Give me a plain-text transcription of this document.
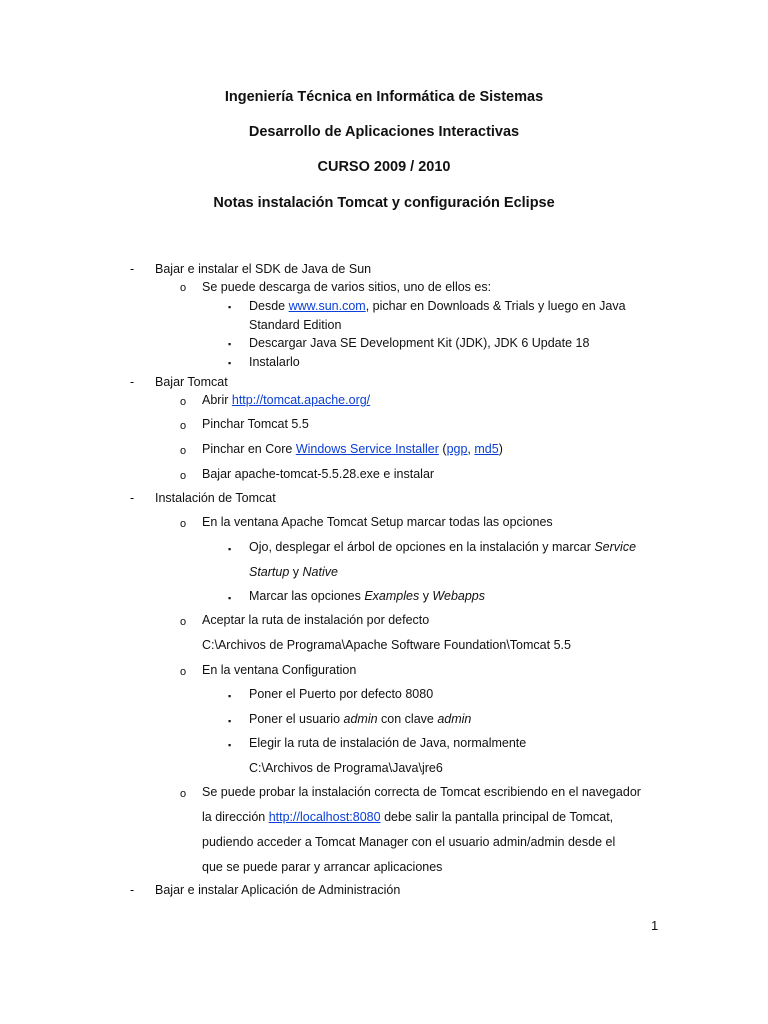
Ingeniería Técnica en Informática de Sistemas
Desarrollo de Aplicaciones Interactivas
CURSO 2009 / 2010
Notas instalación Tomcat y configuración Eclipse
- Bajar e instalar el SDK de Java de Sun
o Se puede descarga de varios sitios, uno de ellos es:
▪ Desde www.sun.com, pichar en Downloads & Trials y luego en Java
Standard Edition
▪ Descargar Java SE Development Kit (JDK), JDK 6 Update 18
▪ Instalarlo
- Bajar Tomcat
o Abrir http://tomcat.apache.org/
o Pinchar Tomcat 5.5
o Pinchar en Core Windows Service Installer (pgp, md5)
o Bajar apache-tomcat-5.5.28.exe e instalar
- Instalación de Tomcat
o En la ventana Apache Tomcat Setup marcar todas las opciones
▪ Ojo, desplegar el árbol de opciones en la instalación y marcar Service
Startup y Native
▪ Marcar las opciones Examples y Webapps
o Aceptar la ruta de instalación por defecto
C:\Archivos de Programa\Apache Software Foundation\Tomcat 5.5
o En la ventana Configuration
▪ Poner el Puerto por defecto 8080
▪ Poner el usuario admin con clave admin
▪ Elegir la ruta de instalación de Java, normalmente
C:\Archivos de Programa\Java\jre6
o Se puede probar la instalación correcta de Tomcat escribiendo en el navegador
la dirección http://localhost:8080 debe salir la pantalla principal de Tomcat,
pudiendo acceder a Tomcat Manager con el usuario admin/admin desde el
que se puede parar y arrancar aplicaciones
- Bajar e instalar Aplicación de Administración
1
